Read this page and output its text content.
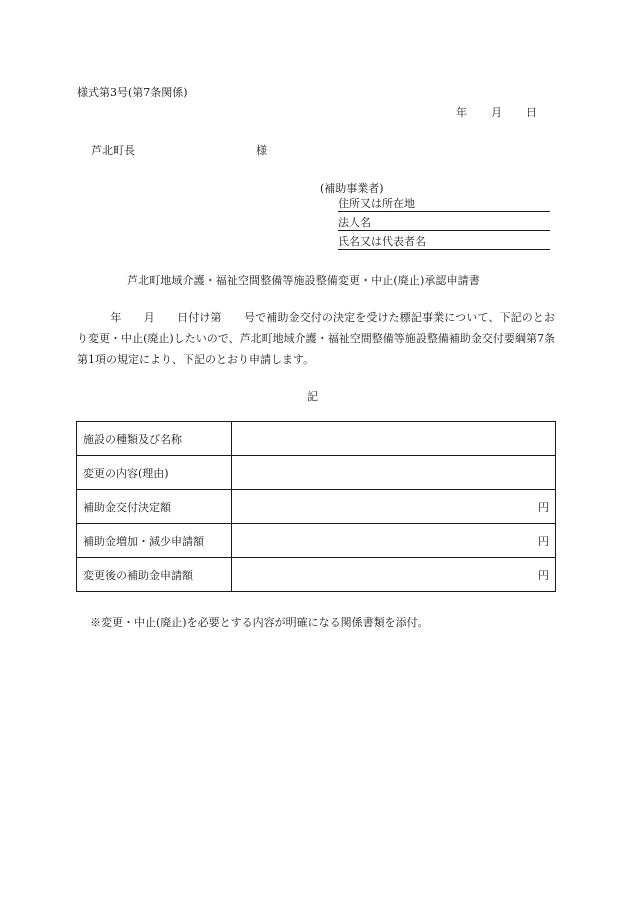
様式第3号(第7条関係)
年 月 日
芦北町長	様
(補助事業者)
住所又は所在地
法人名
氏名又は代表者名
芦北町地域介護・福祉空間整備等施設整備変更・中止(廃止)承認申請書
　　　年　　月　　日付け第　　号で補助金交付の決定を受けた標記事業について、下記のとおり変更・中止(廃止)したいので、芦北町地域介護・福祉空間整備等施設整備補助金交付要綱第7条第1項の規定により、下記のとおり申請します。
記
施設の種類及び名称	
変更の内容(理由)	
補助金交付決定額	円
補助金増加・減少申請額	円
変更後の補助金申請額	円
※変更・中止(廃止)を必要とする内容が明確になる関係書類を添付。
